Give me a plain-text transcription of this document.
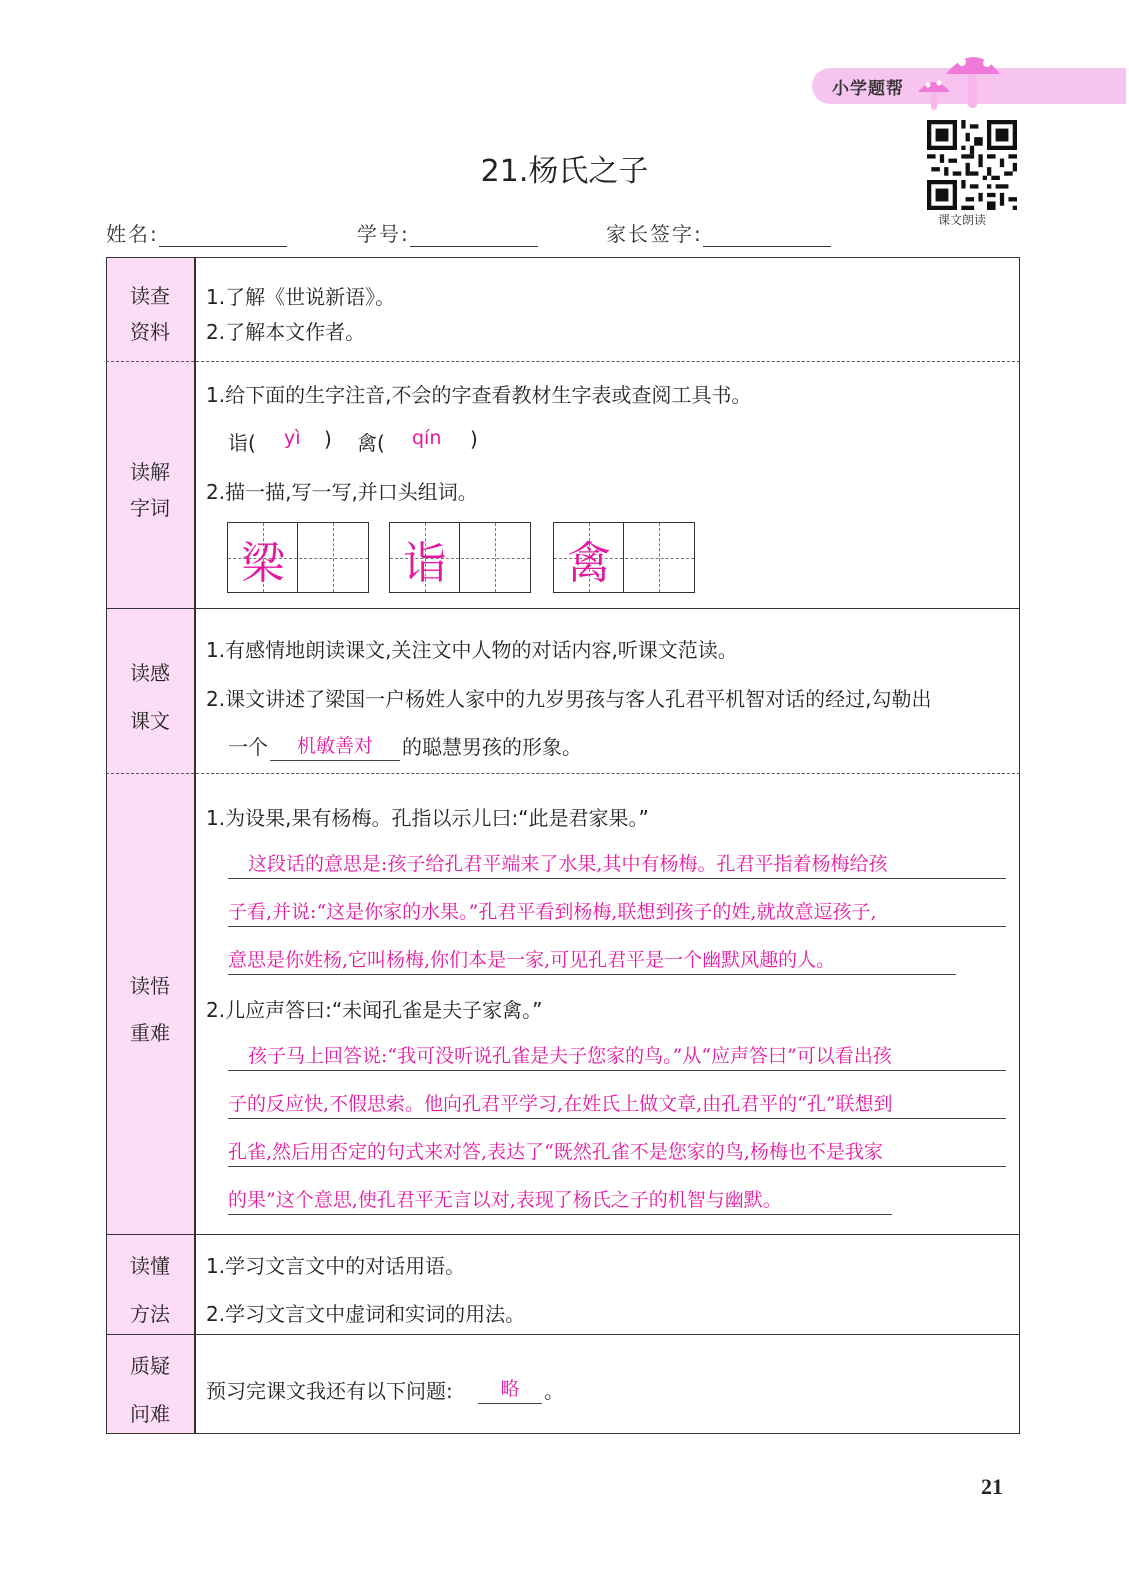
小学题帮
课文朗读
21.杨氏之子
姓名:	学号:	家长签字:
读查
资料
1.了解《世说新语》。
2.了解本文作者。
读解
字词
1.给下面的生字注音,不会的字查看教材生字表或查阅工具书。
诣( yì ) 禽( qín )
2.描一描,写一写,并口头组词。
梁	诣	禽
读感
课文
1.有感情地朗读课文,关注文中人物的对话内容,听课文范读。
2.课文讲述了梁国一户杨姓人家中的九岁男孩与客人孔君平机智对话的经过,勾勒出
一个	机敏善对	的聪慧男孩的形象。
读悟
重难
1.为设果,果有杨梅。孔指以示儿曰:“此是君家果。”
这段话的意思是:孩子给孔君平端来了水果,其中有杨梅。孔君平指着杨梅给孩
子看,并说:“这是你家的水果。”孔君平看到杨梅,联想到孩子的姓,就故意逗孩子,
意思是你姓杨,它叫杨梅,你们本是一家,可见孔君平是一个幽默风趣的人。
2.儿应声答曰:“未闻孔雀是夫子家禽。”
孩子马上回答说:“我可没听说孔雀是夫子您家的鸟。”从“应声答曰”可以看出孩
子的反应快,不假思索。他向孔君平学习,在姓氏上做文章,由孔君平的“孔”联想到
孔雀,然后用否定的句式来对答,表达了“既然孔雀不是您家的鸟,杨梅也不是我家
的果”这个意思,使孔君平无言以对,表现了杨氏之子的机智与幽默。
读懂
方法
1.学习文言文中的对话用语。
2.学习文言文中虚词和实词的用法。
质疑
问难
预习完课文我还有以下问题:	略	。
21
